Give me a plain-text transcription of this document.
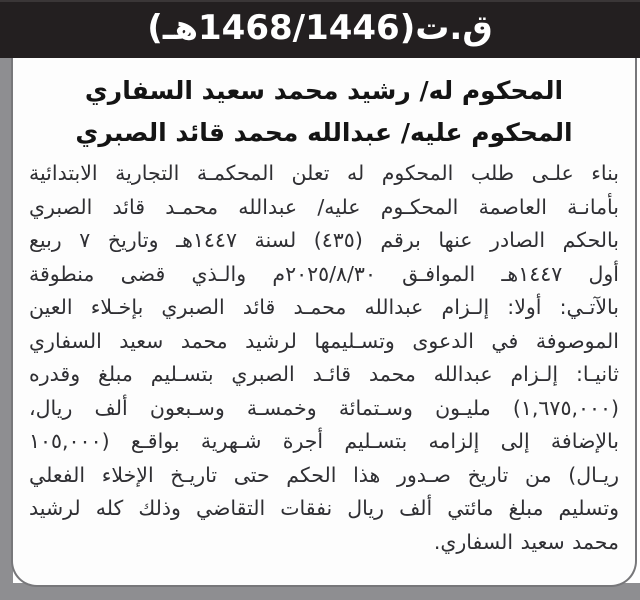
ق.ت(1468/1446هـ)
المحكوم له/ رشيد محمد سعيد السفاري
المحكوم عليه/ عبدالله محمد قائد الصبري
بناء علـى طلب المحكوم له تعلن المحكمـة التجارية الابتدائية
بأمانـة العاصمة المحكـوم عليه/ عبدالله محمـد قائد الصبري
بالحكم الصادر عنها برقم (٤٣٥) لسنة ١٤٤٧هـ وتاريخ ٧ ربيع
أول ١٤٤٧هـ الموافـق ٢٠٢٥/٨/٣٠م والـذي قضى منطوقة
بالآتـي: أولا: إلـزام عبدالله محمـد قائد الصبري بإخـلاء العين
الموصوفة في الدعوى وتسـليمها لرشيد محمد سعيد السفاري
ثانيـا: إلـزام عبدالله محمد قائـد الصبري بتسـليم مبلغ وقدره
(١,٦٧٥,٠٠٠) مليـون وسـتمائة وخمسـة وسـبعون ألف ريال،
بالإضافة إلى إلزامه بتسـليم أجرة شـهرية بواقـع (١٠٥,٠٠٠
ريـال) من تاريخ صـدور هذا الحكم حتى تاريـخ الإخلاء الفعلي
وتسليم مبلغ مائتي ألف ريال نفقات التقاضي وذلك كله لرشيد
محمد سعيد السفاري.
